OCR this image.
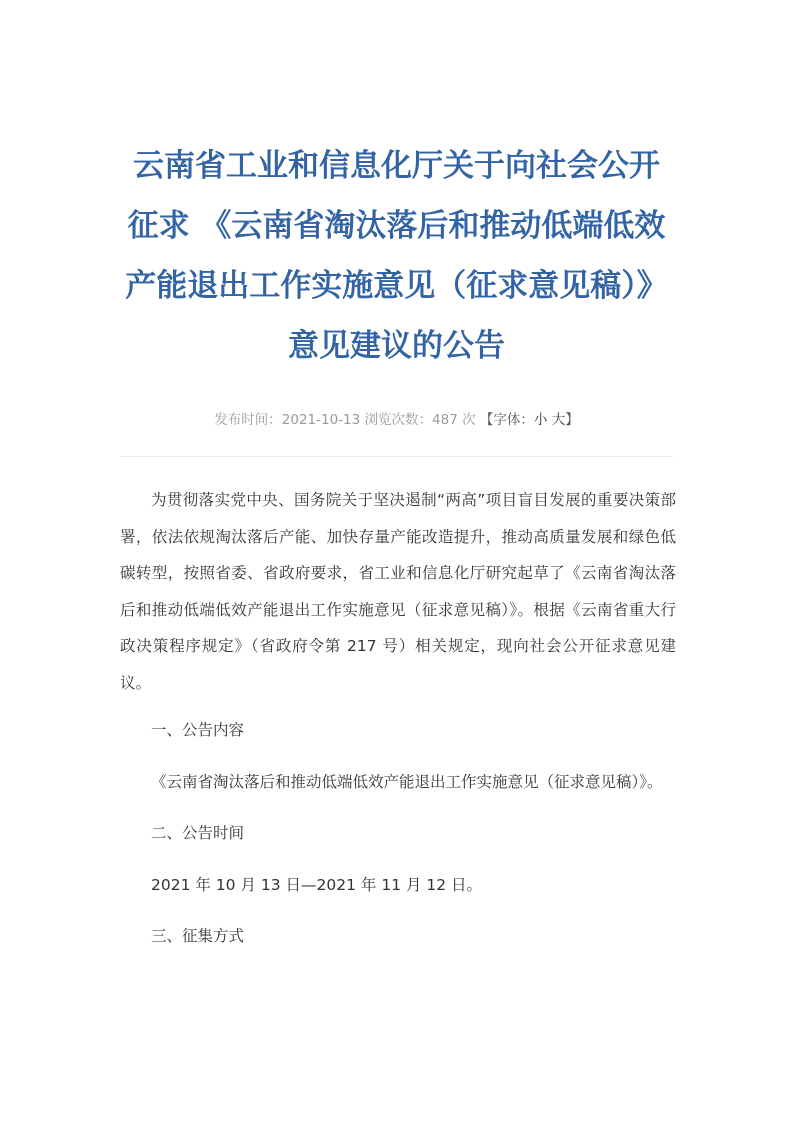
云南省工业和信息化厅关于向社会公开
征求 《云南省淘汰落后和推动低端低效
产能退出工作实施意见（征求意见稿）》
意见建议的公告
发布时间：2021-10-13 浏览次数：487 次 【字体：小 大】

为贯彻落实党中央、国务院关于坚决遏制“两高”项目盲目发展的重要决策部署，依法依规淘汰落后产能、加快存量产能改造提升，推动高质量发展和绿色低碳转型，按照省委、省政府要求，省工业和信息化厅研究起草了《云南省淘汰落后和推动低端低效产能退出工作实施意见（征求意见稿）》。根据《云南省重大行政决策程序规定》（省政府令第 217 号）相关规定，现向社会公开征求意见建议。

一、公告内容

《云南省淘汰落后和推动低端低效产能退出工作实施意见（征求意见稿）》。

二、公告时间

2021 年 10 月 13 日—2021 年 11 月 12 日。

三、征集方式
